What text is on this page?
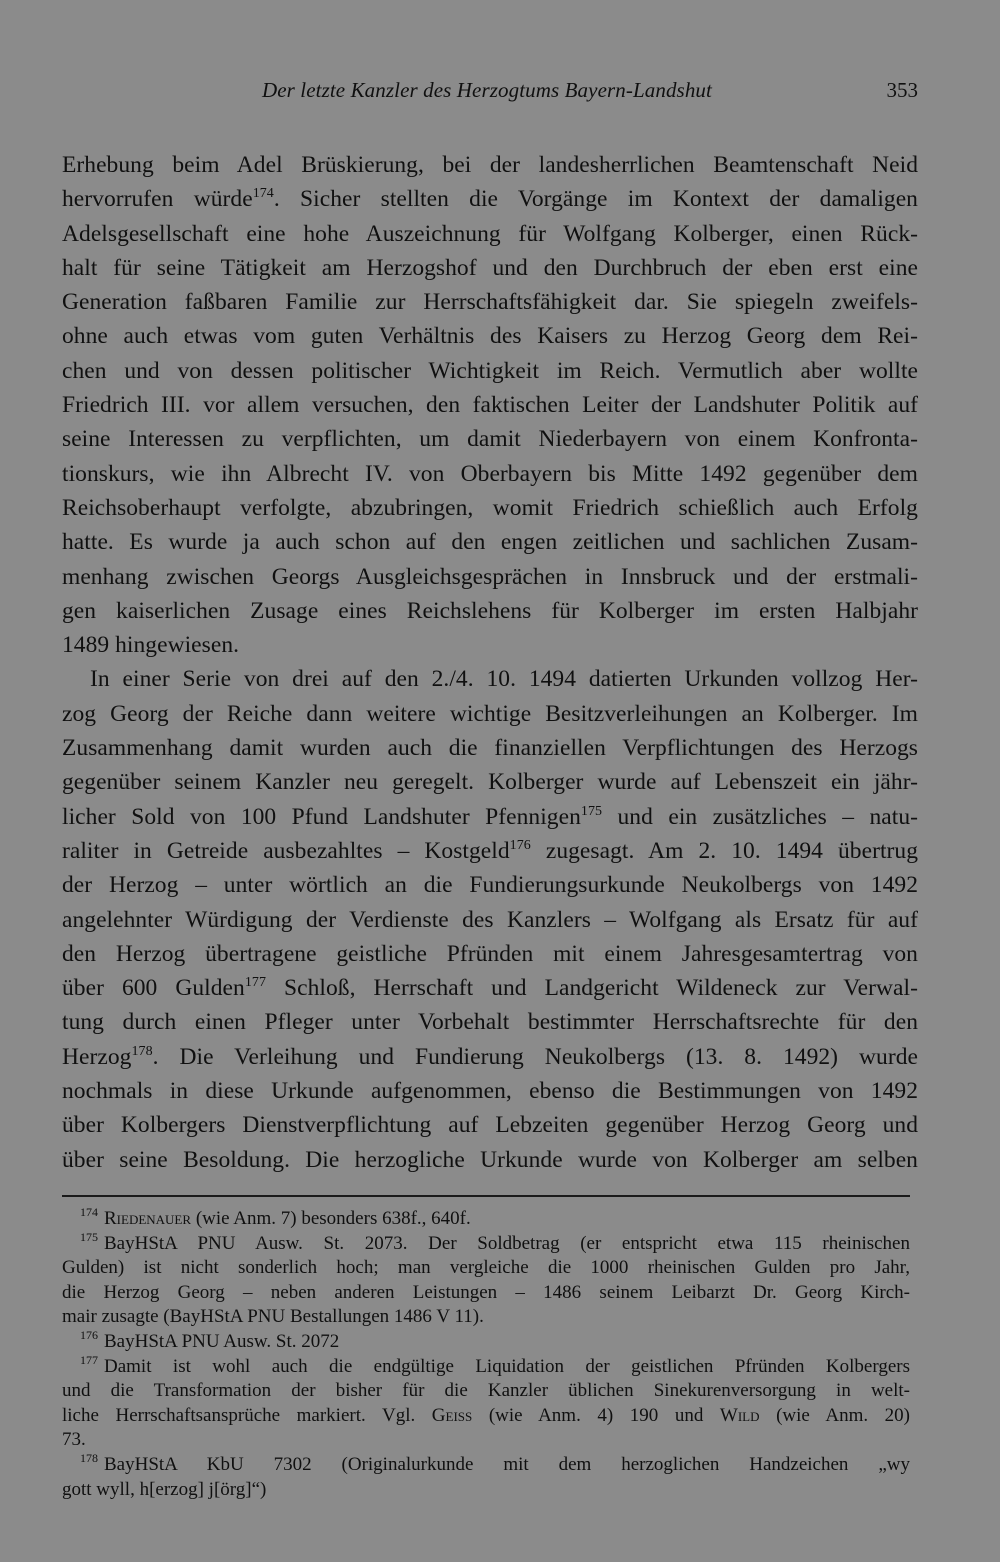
Der letzte Kanzler des Herzogtums Bayern-Landshut	353
Erhebung beim Adel Brüskierung, bei der landesherrlichen Beamtenschaft Neid
hervorrufen würde$^{174}$. Sicher stellten die Vorgänge im Kontext der damaligen
Adelsgesellschaft eine hohe Auszeichnung für Wolfgang Kolberger, einen Rück-
halt für seine Tätigkeit am Herzogshof und den Durchbruch der eben erst eine
Generation faßbaren Familie zur Herrschaftsfähigkeit dar. Sie spiegeln zweifels-
ohne auch etwas vom guten Verhältnis des Kaisers zu Herzog Georg dem Rei-
chen und von dessen politischer Wichtigkeit im Reich. Vermutlich aber wollte
Friedrich III. vor allem versuchen, den faktischen Leiter der Landshuter Politik auf
seine Interessen zu verpflichten, um damit Niederbayern von einem Konfronta-
tionskurs, wie ihn Albrecht IV. von Oberbayern bis Mitte 1492 gegenüber dem
Reichsoberhaupt verfolgte, abzubringen, womit Friedrich schießlich auch Erfolg
hatte. Es wurde ja auch schon auf den engen zeitlichen und sachlichen Zusam-
menhang zwischen Georgs Ausgleichsgesprächen in Innsbruck und der erstmali-
gen kaiserlichen Zusage eines Reichslehens für Kolberger im ersten Halbjahr
1489 hingewiesen.
In einer Serie von drei auf den 2./4. 10. 1494 datierten Urkunden vollzog Her-
zog Georg der Reiche dann weitere wichtige Besitzverleihungen an Kolberger. Im
Zusammenhang damit wurden auch die finanziellen Verpflichtungen des Herzogs
gegenüber seinem Kanzler neu geregelt. Kolberger wurde auf Lebenszeit ein jähr-
licher Sold von 100 Pfund Landshuter Pfennigen$^{175}$ und ein zusätzliches – natu-
raliter in Getreide ausbezahltes – Kostgeld$^{176}$ zugesagt. Am 2. 10. 1494 übertrug
der Herzog – unter wörtlich an die Fundierungsurkunde Neukolbergs von 1492
angelehnter Würdigung der Verdienste des Kanzlers – Wolfgang als Ersatz für auf
den Herzog übertragene geistliche Pfründen mit einem Jahresgesamtertrag von
über 600 Gulden$^{177}$ Schloß, Herrschaft und Landgericht Wildeneck zur Verwal-
tung durch einen Pfleger unter Vorbehalt bestimmter Herrschaftsrechte für den
Herzog$^{178}$. Die Verleihung und Fundierung Neukolbergs (13. 8. 1492) wurde
nochmals in diese Urkunde aufgenommen, ebenso die Bestimmungen von 1492
über Kolbergers Dienstverpflichtung auf Lebzeiten gegenüber Herzog Georg und
über seine Besoldung. Die herzogliche Urkunde wurde von Kolberger am selben
$^{174}$ Riedenauer (wie Anm. 7) besonders 638f., 640f.
$^{175}$ BayHStA PNU Ausw. St. 2073. Der Soldbetrag (er entspricht etwa 115 rheinischen
Gulden) ist nicht sonderlich hoch; man vergleiche die 1000 rheinischen Gulden pro Jahr,
die Herzog Georg – neben anderen Leistungen – 1486 seinem Leibarzt Dr. Georg Kirch-
mair zusagte (BayHStA PNU Bestallungen 1486 V 11).
$^{176}$ BayHStA PNU Ausw. St. 2072
$^{177}$ Damit ist wohl auch die endgültige Liquidation der geistlichen Pfründen Kolbergers
und die Transformation der bisher für die Kanzler üblichen Sinekurenversorgung in welt-
liche Herrschaftsansprüche markiert. Vgl. Geiss (wie Anm. 4) 190 und Wild (wie Anm. 20)
73.
$^{178}$ BayHStA KbU 7302 (Originalurkunde mit dem herzoglichen Handzeichen „wy
gott wyll, h[erzog] j[örg]“)
